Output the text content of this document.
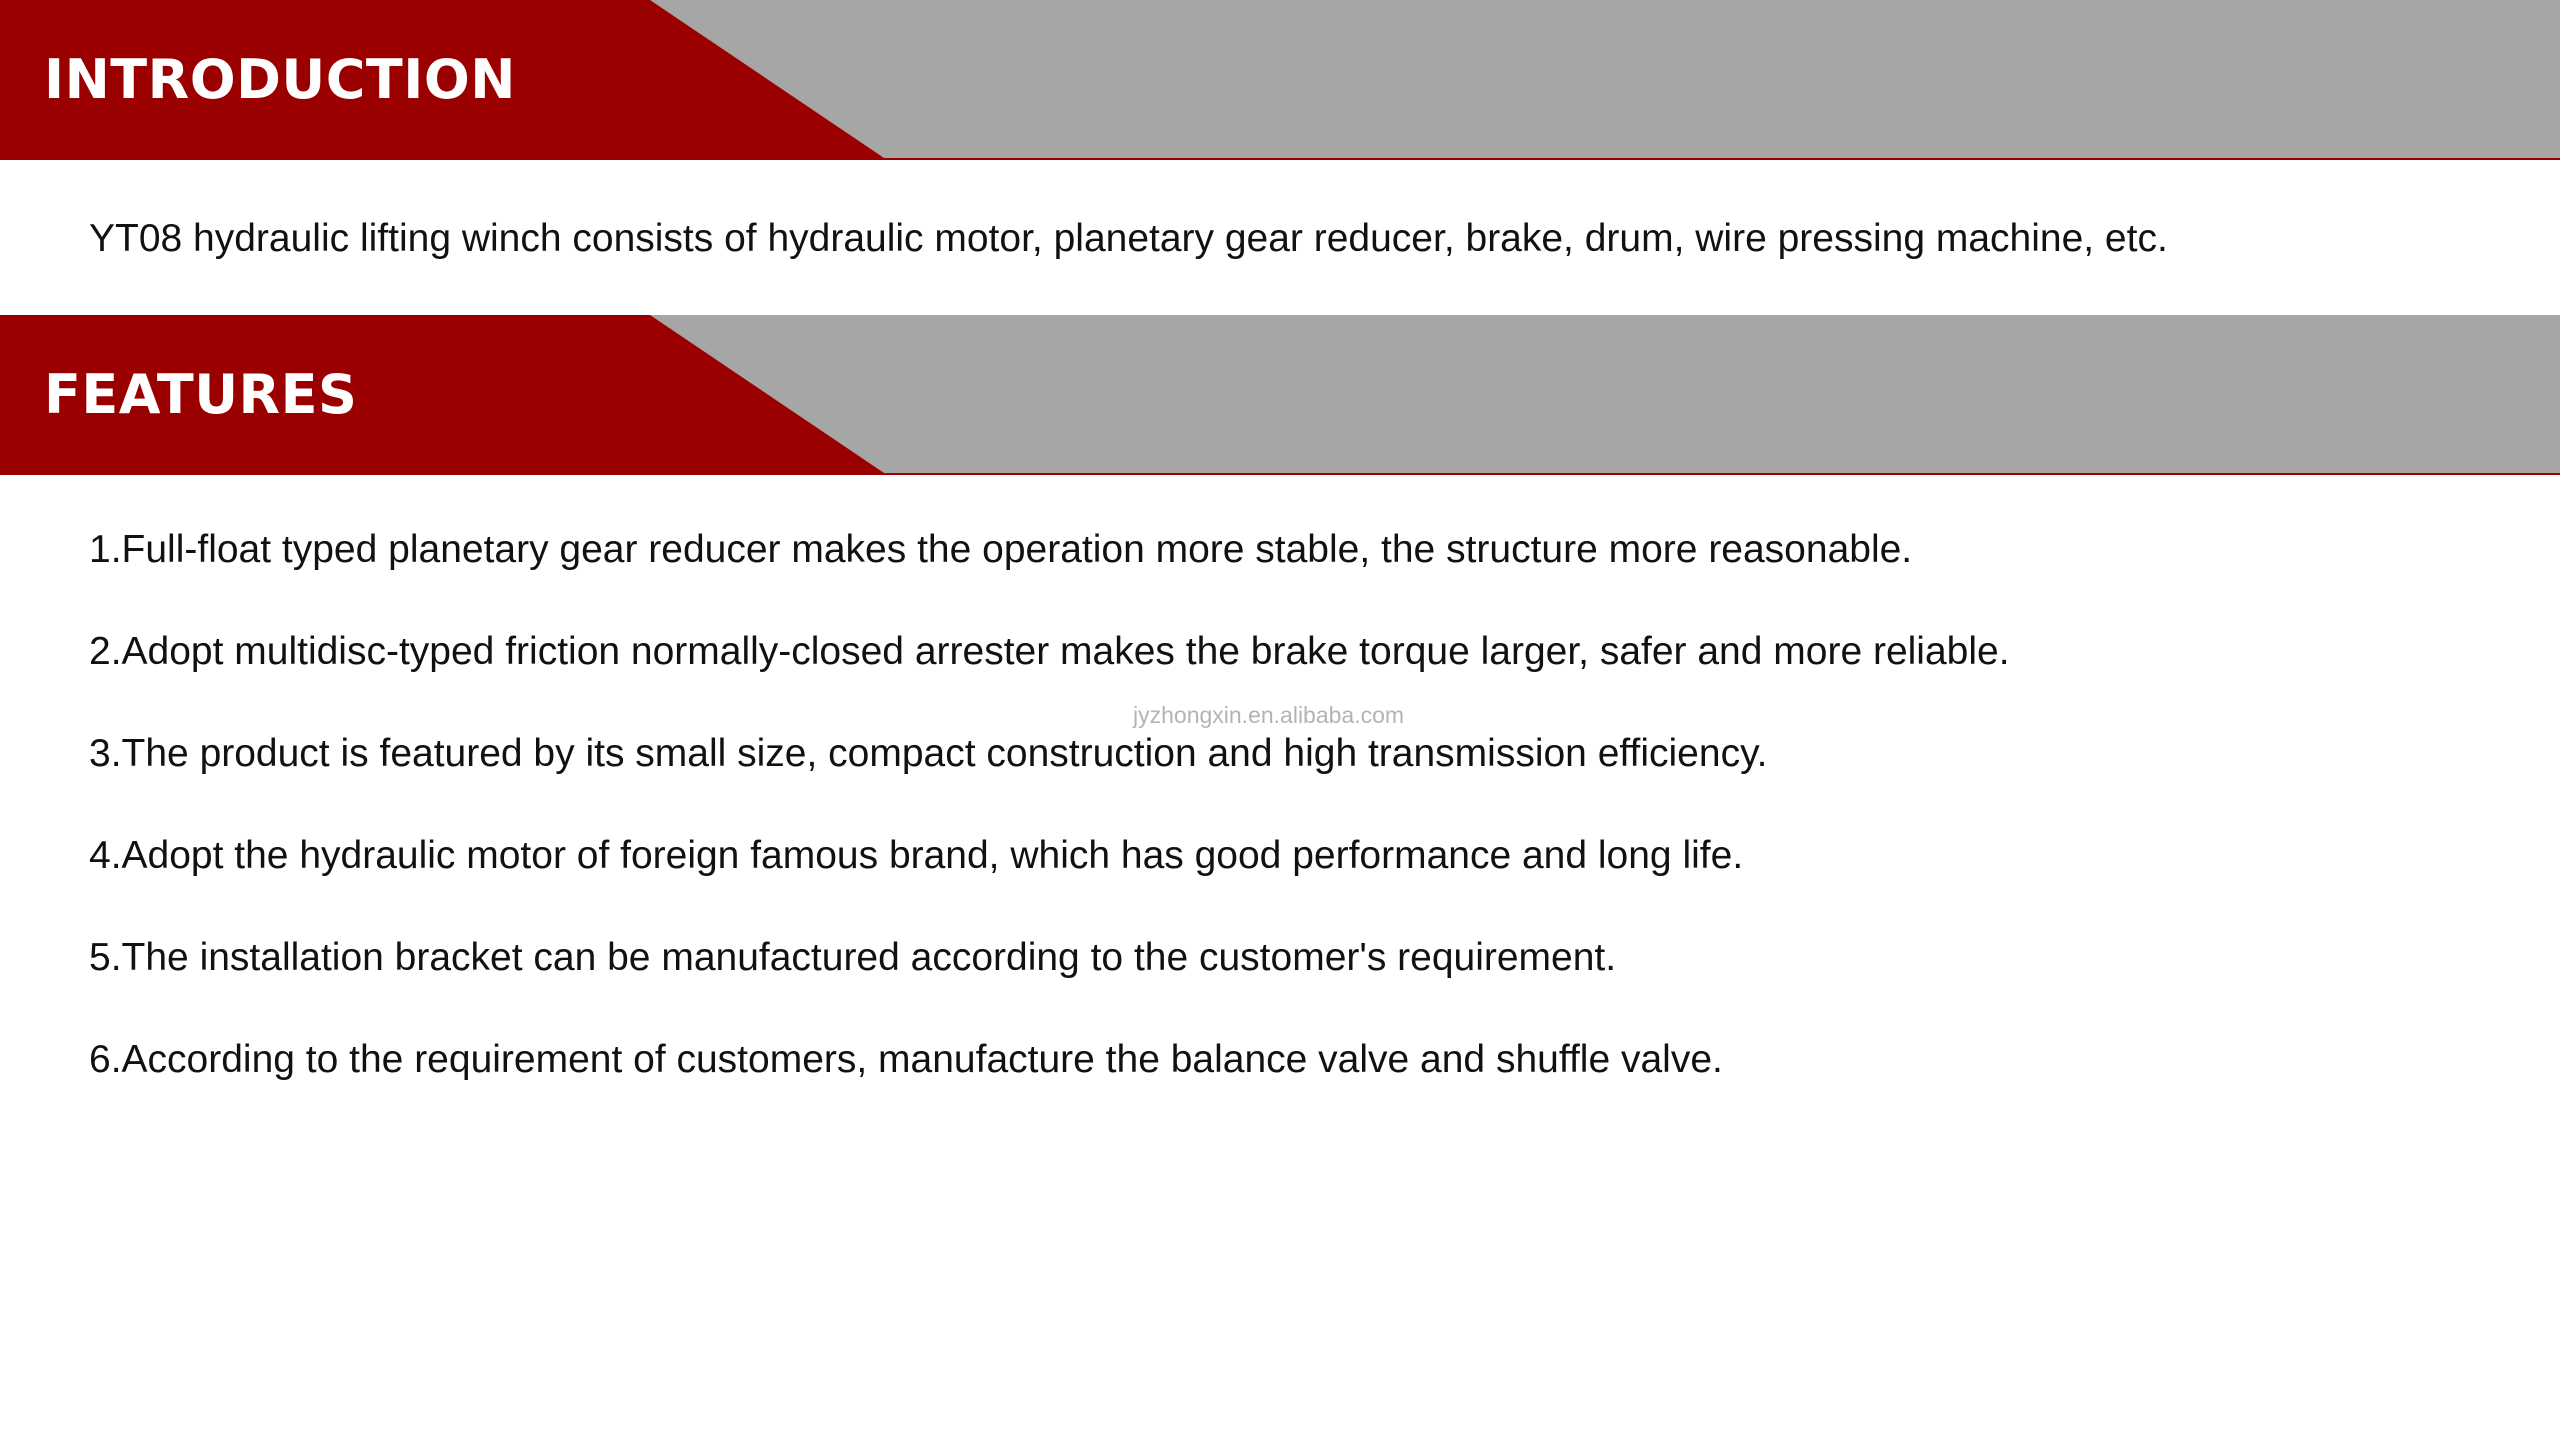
INTRODUCTION
YT08 hydraulic lifting winch consists of hydraulic motor, planetary gear reducer, brake, drum, wire pressing machine, etc.
FEATURES
1.Full-float typed planetary gear reducer makes the operation more stable, the structure more reasonable.
2.Adopt multidisc-typed friction normally-closed arrester makes the brake torque larger, safer and more reliable.
3.The product is featured by its small size, compact construction and high transmission efficiency.
4.Adopt the hydraulic motor of foreign famous brand, which has good performance and long life.
5.The installation bracket can be manufactured according to the customer's requirement.
6.According to the requirement of customers, manufacture the balance valve and shuffle valve.
jyzhongxin.en.alibaba.com
